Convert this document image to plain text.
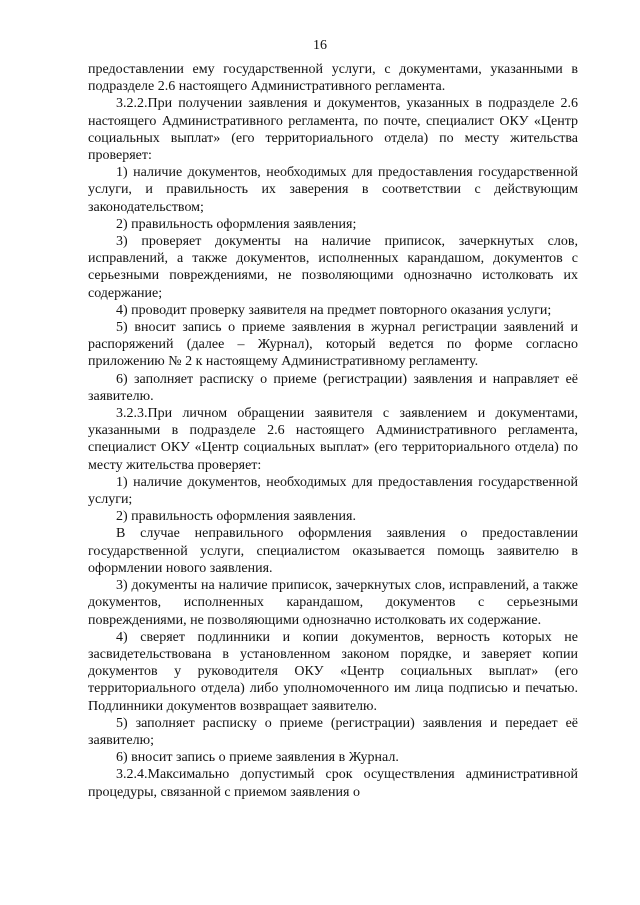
16

предоставлении ему государственной услуги, с документами, указанными в подразделе 2.6 настоящего Административного регламента.

3.2.2.При получении заявления и документов, указанных в подразделе 2.6 настоящего Административного регламента, по почте, специалист ОКУ «Центр социальных выплат» (его территориального отдела) по месту жительства проверяет:

1) наличие документов, необходимых для предоставления государственной услуги, и правильность их заверения в соответствии с действующим законодательством;

2) правильность оформления заявления;

3) проверяет документы на наличие приписок, зачеркнутых слов, исправлений, а также документов, исполненных карандашом, документов с серьезными повреждениями, не позволяющими однозначно истолковать их содержание;

4) проводит проверку заявителя на предмет повторного оказания услуги;

5) вносит запись о приеме заявления в журнал регистрации заявлений и распоряжений (далее – Журнал), который ведется по форме согласно приложению № 2 к настоящему Административному регламенту.

6) заполняет расписку о приеме (регистрации) заявления и направляет её заявителю.

3.2.3.При личном обращении заявителя с заявлением и документами, указанными в подразделе 2.6 настоящего Административного регламента, специалист ОКУ «Центр социальных выплат» (его территориального отдела) по месту жительства проверяет:

1) наличие документов, необходимых для предоставления государственной услуги;

2) правильность оформления заявления.

В случае неправильного оформления заявления о предоставлении государственной услуги, специалистом оказывается помощь заявителю в оформлении нового заявления.

3) документы на наличие приписок, зачеркнутых слов, исправлений, а также документов, исполненных карандашом, документов с серьезными повреждениями, не позволяющими однозначно истолковать их содержание.

4) сверяет подлинники и копии документов, верность которых не засвидетельствована в установленном законом порядке, и заверяет копии документов у руководителя ОКУ «Центр социальных выплат» (его территориального отдела) либо уполномоченного им лица подписью и печатью. Подлинники документов возвращает заявителю.

5) заполняет расписку о приеме (регистрации) заявления и передает её заявителю;

6) вносит запись о приеме заявления в Журнал.

3.2.4.Максимально допустимый срок осуществления административной процедуры, связанной с приемом заявления о
